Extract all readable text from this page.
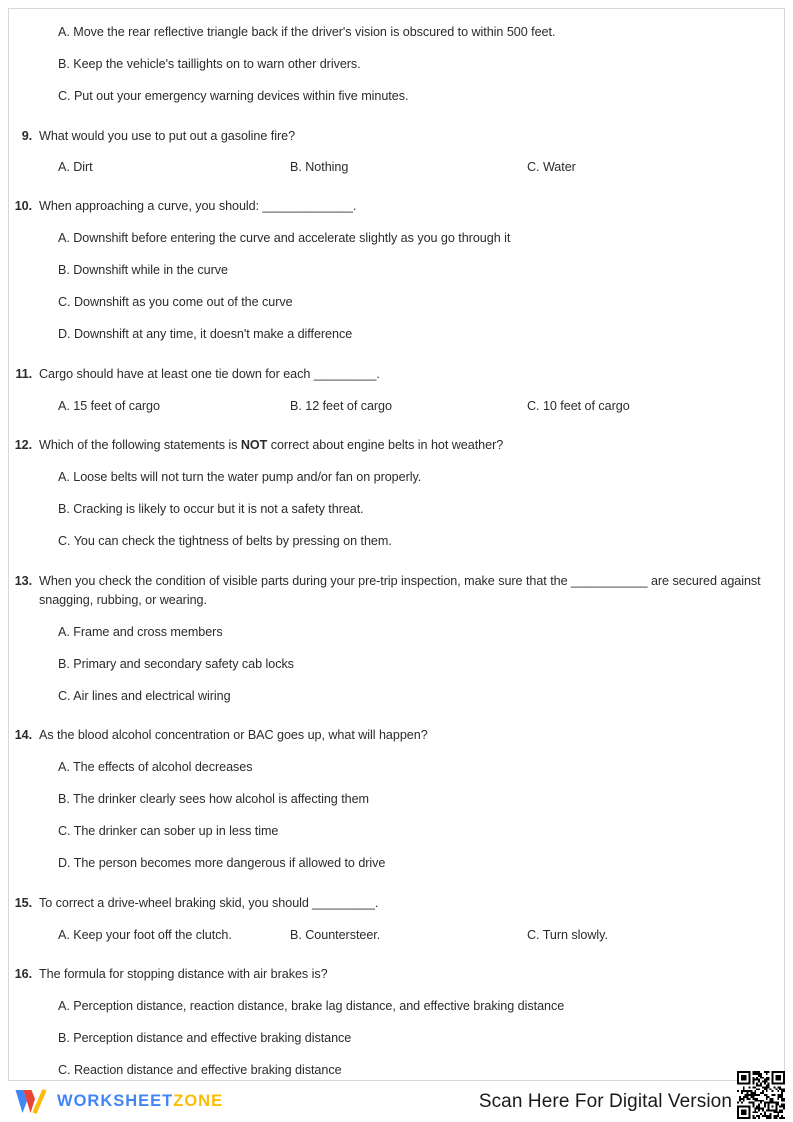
A. Move the rear reflective triangle back if the driver's vision is obscured to within 500 feet.
B. Keep the vehicle's taillights on to warn other drivers.
C. Put out your emergency warning devices within five minutes.
9. What would you use to put out a gasoline fire?
A. Dirt	B. Nothing	C. Water
10. When approaching a curve, you should: _____________.
A. Downshift before entering the curve and accelerate slightly as you go through it
B. Downshift while in the curve
C. Downshift as you come out of the curve
D. Downshift at any time, it doesn't make a difference
11. Cargo should have at least one tie down for each _________.
A. 15 feet of cargo	B. 12 feet of cargo	C. 10 feet of cargo
12. Which of the following statements is NOT correct about engine belts in hot weather?
A. Loose belts will not turn the water pump and/or fan on properly.
B. Cracking is likely to occur but it is not a safety threat.
C. You can check the tightness of belts by pressing on them.
13. When you check the condition of visible parts during your pre-trip inspection, make sure that the ___________ are secured against snagging, rubbing, or wearing.
A. Frame and cross members
B. Primary and secondary safety cab locks
C. Air lines and electrical wiring
14. As the blood alcohol concentration or BAC goes up, what will happen?
A. The effects of alcohol decreases
B. The drinker clearly sees how alcohol is affecting them
C. The drinker can sober up in less time
D. The person becomes more dangerous if allowed to drive
15. To correct a drive-wheel braking skid, you should _________.
A. Keep your foot off the clutch.	B. Countersteer.	C. Turn slowly.
16. The formula for stopping distance with air brakes is?
A. Perception distance, reaction distance, brake lag distance, and effective braking distance
B. Perception distance and effective braking distance
C. Reaction distance and effective braking distance
WORKSHEETZONE	Scan Here For Digital Version
